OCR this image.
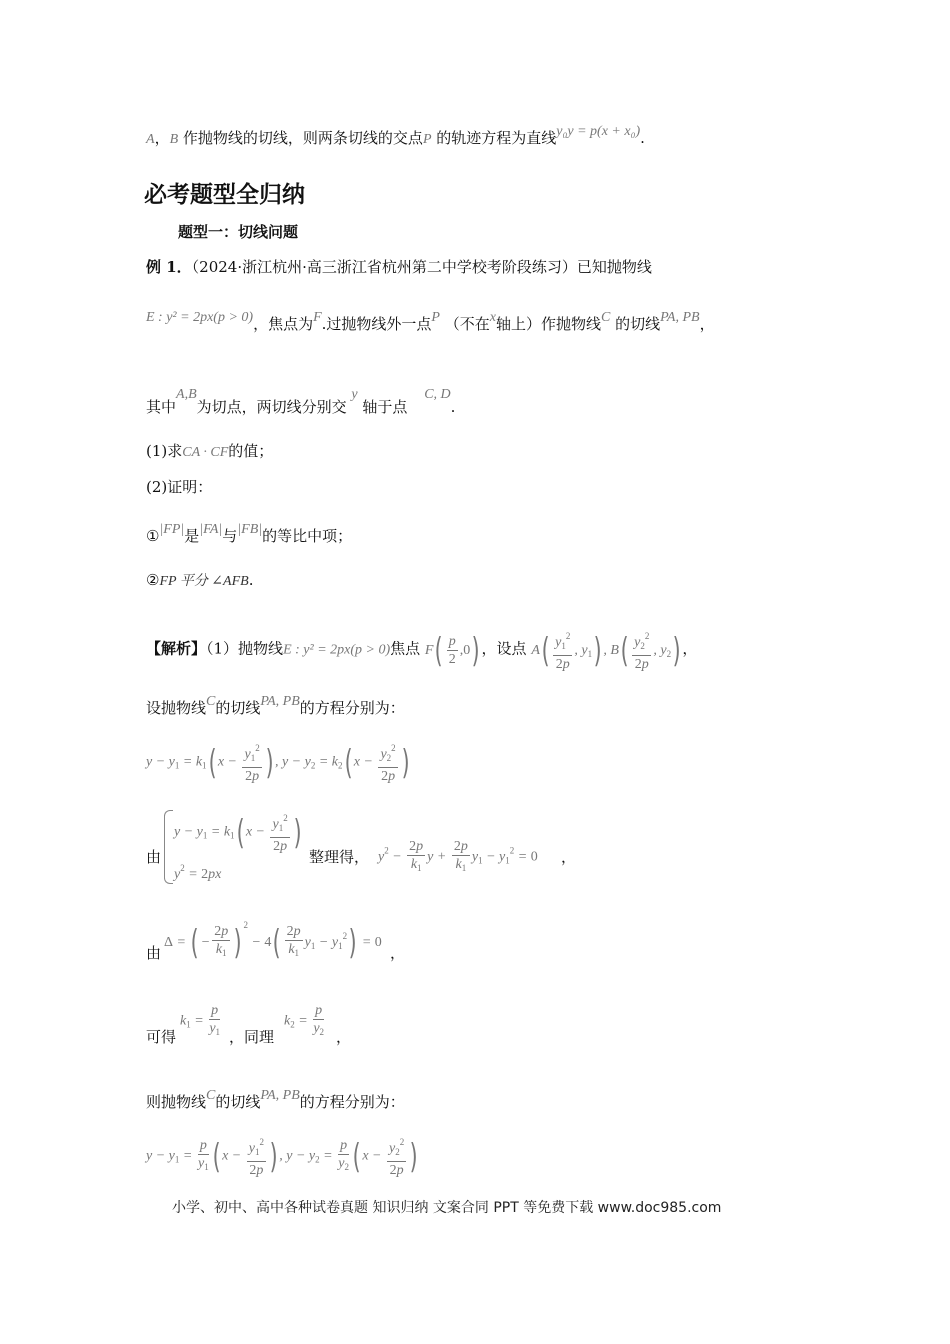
A，B 作抛物线的切线，则两条切线的交点P 的轨迹方程为直线y₀y = p(x + x₀).
必考题型全归纳
题型一：切线问题
例 1．（2024·浙江杭州·高三浙江省杭州第二中学校考阶段练习）已知抛物线
E : y² = 2px(p > 0)，焦点为F.过抛物线外一点P （不在x轴上）作抛物线C 的切线PA, PB，
其中A,B为切点，两切线分别交 y 轴于点 C, D.
(1)求CA · CF的值；
(2)证明：
①|FP|是|FA|与|FB|的等比中项；
②FP 平分 ∠AFB.
【解析】（1）抛物线E : y² = 2px(p > 0)焦点 $F( \frac{p}{2} ,0)$ ，设点 $A( \frac{y_1^2}{2p}$ , $y_1$) , $B( \frac{y_2^2}{2p}$ , $y_2$) ，
设抛物线C的切线PA, PB的方程分别为：
$y - y_1 = k_1$( $x - \frac{y_1^2}{2p}$ ) , $y - y_2 = k_2$( $x - \frac{y_2^2}{2p}$ )
由
$y - y_1 = k_1$( $x - \frac{y_1^2}{2p}$ )
$y^2 = 2px$
整理得， $y^2 - \frac{2p}{k_1}$ $y + \frac{2p}{k_1} y_1 - y_1^2 = 0$ ，
由
Δ = ( − $\frac{2p}{k_1}$ ) $^2 - 4( \frac{2p}{k_1} y_1 - y_1^2) = 0$
，
可得
$k_1 = \frac{p}{y_1}$ ，同理
$k_2 = \frac{p}{y_2}$ ，
则抛物线C的切线PA, PB的方程分别为：
$y - y_1 = \frac{p}{y_1}$ ( $x - \frac{y_1^2}{2p}$ ) , $y - y_2 = \frac{p}{y_2}$ ( $x - \frac{y_2^2}{2p}$ )
小学、初中、高中各种试卷真题 知识归纳 文案合同 PPT 等免费下载 www.doc985.com
